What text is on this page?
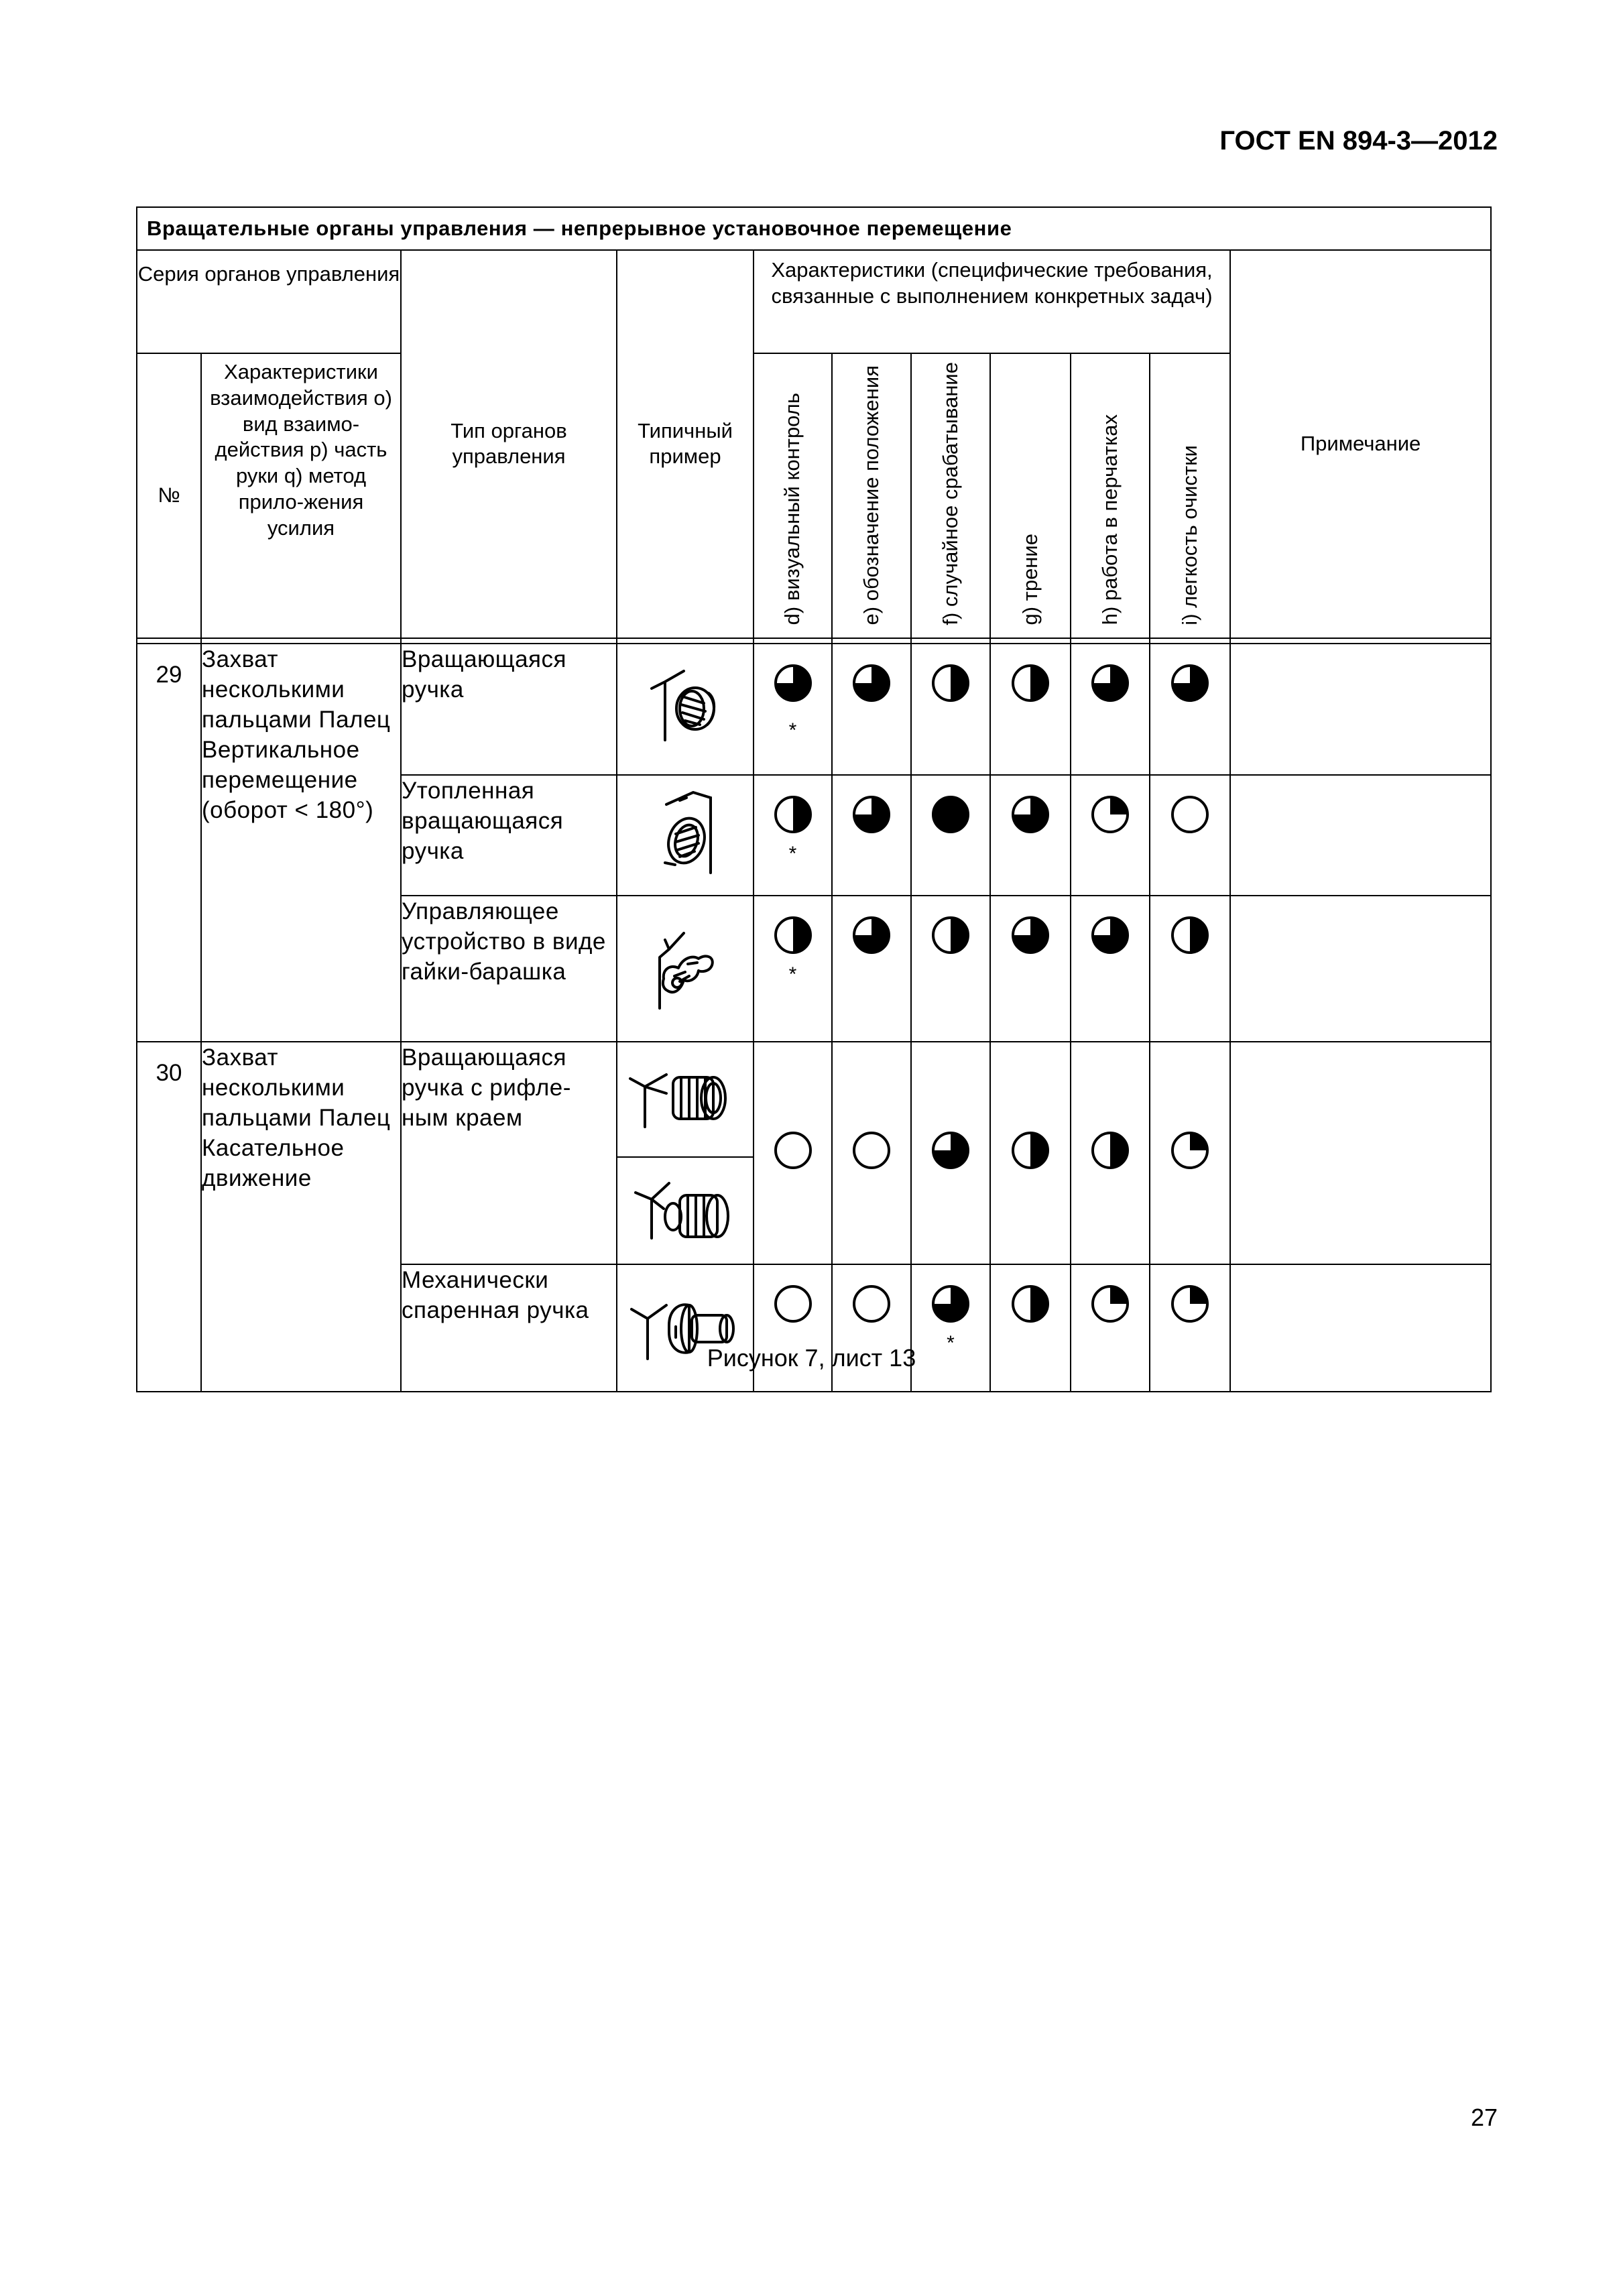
ГОСТ EN 894-3—2012
Вращательные органы управления — непрерывное установочное перемещение										
Серия органов управления		Тип органов управления	Типичный пример	Характеристики (специфические требования, связанные с выполнением конкретных задач)						Примечание
№	Характеристики взаимодействия o) вид взаимо-действия p) часть руки q) метод прило-жения усилия			d) визуальный контроль	e) обозначение положения	f) случайное срабатывание	g) трение	h) работа в перчатках	i) легкость очистки	

29	Захват несколькими пальцами Палец Вертикальное перемещение (оборот < 180°)	Вращающаяся ручка		*

		Утопленная вращающаяся ручка		*

		Управляющее устройство в виде гайки-барашка		*

30	Захват несколькими пальцами Палец Касательное движение	Вращающаяся ручка с рифле-ным краем								

		Механически спаренная ручка				*

Рисунок 7, лист 13
27
